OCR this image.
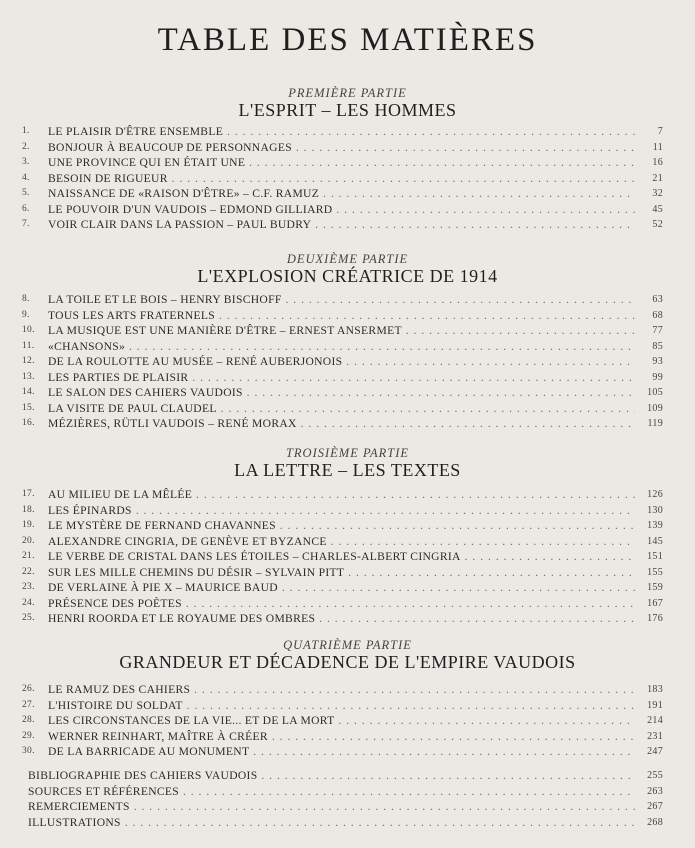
TABLE DES MATIÈRES
PREMIÈRE PARTIE
L'ESPRIT – LES HOMMES
1.	LE PLAISIR D'ÊTRE ENSEMBLE . . .	7
2.	BONJOUR À BEAUCOUP DE PERSONNAGES . . .	11
3.	UNE PROVINCE QUI EN ÉTAIT UNE . . .	16
4.	BESOIN DE RIGUEUR . . .	21
5.	NAISSANCE DE «RAISON D'ÊTRE» – C.F. RAMUZ . . .	32
6.	LE POUVOIR D'UN VAUDOIS – EDMOND GILLIARD . . .	45
7.	VOIR CLAIR DANS LA PASSION – PAUL BUDRY . . .	52
DEUXIÈME PARTIE
L'EXPLOSION CRÉATRICE DE 1914
8.	LA TOILE ET LE BOIS – HENRY BISCHOFF . . .	63
9.	TOUS LES ARTS FRATERNELS . . .	68
10.	LA MUSIQUE EST UNE MANIÈRE D'ÊTRE – ERNEST ANSERMET . . .	77
11.	«CHANSONS» . . .	85
12.	DE LA ROULOTTE AU MUSÉE – RENÉ AUBERJONOIS . . .	93
13.	LES PARTIES DE PLAISIR . . .	99
14.	LE SALON DES CAHIERS VAUDOIS . . .	105
15.	LA VISITE DE PAUL CLAUDEL . . .	109
16.	MÉZIÈRES, RÜTLI VAUDOIS – RENÉ MORAX . . .	119
TROISIÈME PARTIE
LA LETTRE – LES TEXTES
17.	AU MILIEU DE LA MÊLÉE . . .	126
18.	LES ÉPINARDS . . .	130
19.	LE MYSTÈRE DE FERNAND CHAVANNES . . .	139
20.	ALEXANDRE CINGRIA, DE GENÈVE ET BYZANCE . . .	145
21.	LE VERBE DE CRISTAL DANS LES ÉTOILES – CHARLES-ALBERT CINGRIA . . .	151
22.	SUR LES MILLE CHEMINS DU DÉSIR – SYLVAIN PITT . . .	155
23.	DE VERLAINE À PIE X – MAURICE BAUD . . .	159
24.	PRÉSENCE DES POÈTES . . .	167
25.	HENRI ROORDA ET LE ROYAUME DES OMBRES . . .	176
QUATRIÈME PARTIE
GRANDEUR ET DÉCADENCE DE L'EMPIRE VAUDOIS
26.	LE RAMUZ DES CAHIERS . . .	183
27.	L'HISTOIRE DU SOLDAT . . .	191
28.	LES CIRCONSTANCES DE LA VIE... ET DE LA MORT . . .	214
29.	WERNER REINHART, MAÎTRE À CRÉER . . .	231
30.	DE LA BARRICADE AU MONUMENT . . .	247
BIBLIOGRAPHIE DES CAHIERS VAUDOIS . . .	255
SOURCES ET RÉFÉRENCES . . .	263
REMERCIEMENTS . . .	267
ILLUSTRATIONS . . .	268
